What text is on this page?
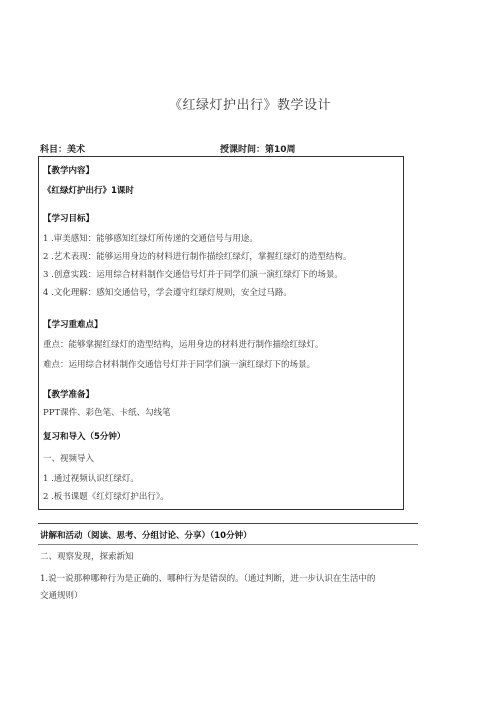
《红绿灯护出行》教学设计
科目：美术	授课时间：第10周
【教学内容】
《红绿灯护出行》1课时
【学习目标】
1 .审美感知：能够感知红绿灯所传递的交通信号与用途。
2 .艺术表现：能够运用身边的材料进行制作描绘红绿灯，掌握红绿灯的造型结构。
3 .创意实践：运用综合材料制作交通信号灯并于同学们演一演红绿灯下的场景。
4 .文化理解：感知交通信号，学会遵守红绿灯规则，安全过马路。
【学习重难点】
重点：能够掌握红绿灯的造型结构，运用身边的材料进行制作描绘红绿灯。
难点：运用综合材料制作交通信号灯并于同学们演一演红绿灯下的场景。
【教学准备】
PPT课件、彩色笔、卡纸、勾线笔
复习和导入（5分钟）
一、视频导入
1 .通过视频认识红绿灯。
2 .板书课题《红灯绿灯护出行》。
讲解和活动（阅读、思考、分组讨论、分享）（10分钟）
二、观察发现，探索新知
1.说一说那种哪种行为是正确的、哪种行为是错误的。（通过判断，进一步认识在生活中的
交通规则）
